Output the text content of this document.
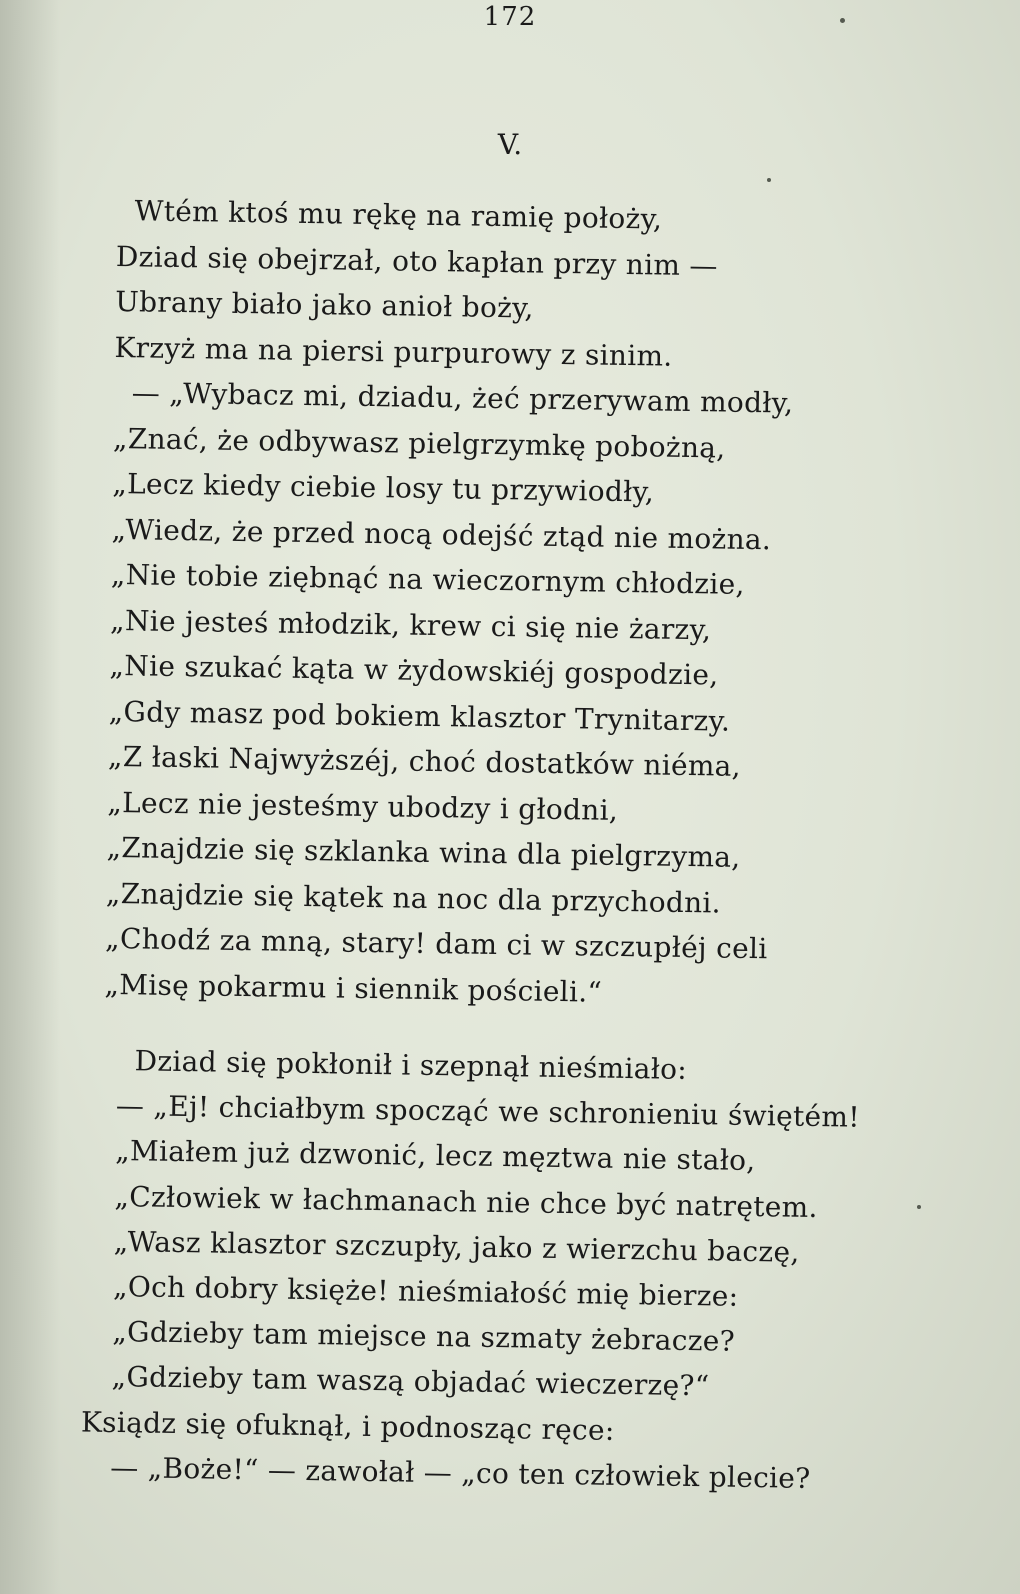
172
V.
Wtém ktoś mu rękę na ramię położy,
Dziad się obejrzał, oto kapłan przy nim —
Ubrany biało jako anioł boży,
Krzyż ma na piersi purpurowy z sinim.
— „Wybacz mi, dziadu, żeć przerywam modły,
„Znać, że odbywasz pielgrzymkę pobożną,
„Lecz kiedy ciebie losy tu przywiodły,
„Wiedz, że przed nocą odejść ztąd nie można.
„Nie tobie ziębnąć na wieczornym chłodzie,
„Nie jesteś młodzik, krew ci się nie żarzy,
„Nie szukać kąta w żydowskiéj gospodzie,
„Gdy masz pod bokiem klasztor Trynitarzy.
„Z łaski Najwyższéj, choć dostatków niéma,
„Lecz nie jesteśmy ubodzy i głodni,
„Znajdzie się szklanka wina dla pielgrzyma,
„Znajdzie się kątek na noc dla przychodni.
„Chodź za mną, stary! dam ci w szczupłéj celi
„Misę pokarmu i siennik pościeli.“
Dziad się pokłonił i szepnął nieśmiało:
— „Ej! chciałbym spocząć we schronieniu świętém!
„Miałem już dzwonić, lecz męztwa nie stało,
„Człowiek w łachmanach nie chce być natrętem.
„Wasz klasztor szczupły, jako z wierzchu baczę,
„Och dobry księże! nieśmiałość mię bierze:
„Gdzieby tam miejsce na szmaty żebracze?
„Gdzieby tam waszą objadać wieczerzę?“
Ksiądz się ofuknął, i podnosząc ręce:
— „Boże!“ — zawołał — „co ten człowiek plecie?
